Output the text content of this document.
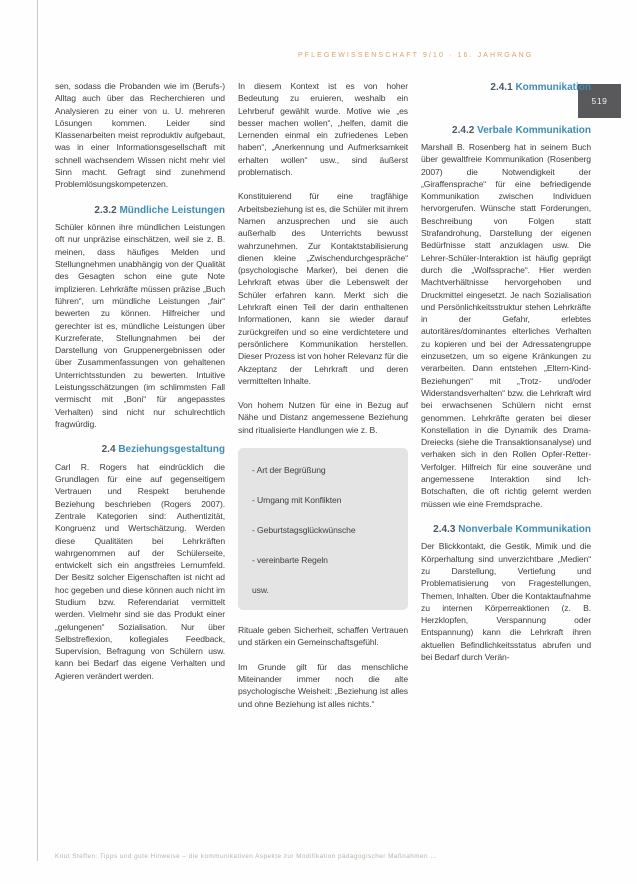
PFLEGEWISSENSCHAFT 9/10 · 16. JAHRGANG
519

sen, sodass die Probanden wie im (Berufs-) Alltag auch über das Recherchieren und Analysieren zu einer von u. U. mehreren Lösungen kommen. Leider sind Klassenarbeiten meist reproduktiv aufgebaut, was in einer Informationsgesellschaft mit schnell wachsendem Wissen nicht mehr viel Sinn macht. Gefragt sind zunehmend Problemlösungskompetenzen.

2.3.2 Mündliche Leistungen

Schüler können ihre mündlichen Leistungen oft nur unpräzise einschätzen, weil sie z. B. meinen, dass häufiges Melden und Stellungnehmen unabhängig von der Qualität des Gesagten schon eine gute Note implizieren. Lehrkräfte müssen präzise „Buch führen“, um mündliche Leistungen „fair“ bewerten zu können. Hilfreicher und gerechter ist es, mündliche Leistungen über Kurzreferate, Stellungnahmen bei der Darstellung von Gruppenergebnissen oder über Zusammenfassungen von gehaltenen Unterrichtsstunden zu bewerten. Intuitive Leistungsschätzungen (im schlimmsten Fall vermischt mit „Boni“ für angepasstes Verhalten) sind nicht nur schulrechtlich fragwürdig.

2.4 Beziehungsgestaltung

Carl R. Rogers hat eindrücklich die Grundlagen für eine auf gegenseitigem Vertrauen und Respekt beruhende Beziehung beschrieben (Rogers 2007). Zentrale Kategorien sind: Authentizität, Kongruenz und Wertschätzung. Werden diese Qualitäten bei Lehrkräften wahrgenommen auf der Schülerseite, entwickelt sich ein angstfreies Lernumfeld. Der Besitz solcher Eigenschaften ist nicht ad hoc gegeben und diese können auch nicht im Studium bzw. Referendariat vermittelt werden. Vielmehr sind sie das Produkt einer „gelungenen“ Sozialisation. Nur über Selbstreflexion, kollegiales Feedback, Supervision, Befragung von Schülern usw. kann bei Bedarf das eigene Verhalten und Agieren verändert werden.

In diesem Kontext ist es von hoher Bedeutung zu eruieren, weshalb ein Lehrberuf gewählt wurde. Motive wie „es besser machen wollen“, „helfen, damit die Lernenden einmal ein zufriedenes Leben haben“, „Anerkennung und Aufmerksamkeit erhalten wollen“ usw., sind äußerst problematisch.

Konstituierend für eine tragfähige Arbeitsbeziehung ist es, die Schüler mit ihrem Namen anzusprechen und sie auch außerhalb des Unterrichts bewusst wahrzunehmen. Zur Kontaktstabilisierung dienen kleine „Zwischendurchgespräche“ (psychologische Marker), bei denen die Lehrkraft etwas über die Lebenswelt der Schüler erfahren kann. Merkt sich die Lehrkraft einen Teil der darin enthaltenen Informationen, kann sie wieder darauf zurückgreifen und so eine verdichtetere und persönlichere Kommunikation herstellen. Dieser Prozess ist von hoher Relevanz für die Akzeptanz der Lehrkraft und deren vermittelten Inhalte.

Von hohem Nutzen für eine in Bezug auf Nähe und Distanz angemessene Beziehung sind ritualisierte Handlungen wie z. B.

- Art der Begrüßung
- Umgang mit Konflikten
- Geburtstagsglückwünsche
- vereinbarte Regeln
usw.

Rituale geben Sicherheit, schaffen Vertrauen und stärken ein Gemeinschaftsgefühl.

Im Grunde gilt für das menschliche Miteinander immer noch die alte psychologische Weisheit: „Beziehung ist alles und ohne Beziehung ist alles nichts.“

2.4.1 Kommunikation
2.4.2 Verbale Kommunikation

Marshall B. Rosenberg hat in seinem Buch über gewaltfreie Kommunikation (Rosenberg 2007) die Notwendigkeit der „Giraffensprache“ für eine befriedigende Kommunikation zwischen Individuen hervorgerufen. Wünsche statt Forderungen, Beschreibung von Folgen statt Strafandrohung, Darstellung der eigenen Bedürfnisse statt anzuklagen usw. Die Lehrer-Schüler-Interaktion ist häufig geprägt durch die „Wolfssprache“. Hier werden Machtverhältnisse hervorgehoben und Druckmittel eingesetzt. Je nach Sozialisation und Persönlichkeitsstruktur stehen Lehrkräfte in der Gefahr, erlebtes autoritäres/dominantes elterliches Verhalten zu kopieren und bei der Adressatengruppe einzusetzen, um so eigene Kränkungen zu verarbeiten. Dann entstehen „Eltern-Kind-Beziehungen“ mit „Trotz- und/oder Widerstandsverhalten“ bzw. die Lehrkraft wird bei erwachsenen Schülern nicht ernst genommen. Lehrkräfte geraten bei dieser Konstellation in die Dynamik des Drama-Dreiecks (siehe die Transaktionsanalyse) und verhaken sich in den Rollen Opfer-Retter-Verfolger. Hilfreich für eine souveräne und angemessene Interaktion sind Ich-Botschaften, die oft richtig gelernt werden müssen wie eine Fremdsprache.

2.4.3 Nonverbale Kommunikation

Der Blickkontakt, die Gestik, Mimik und die Körperhaltung sind unverzichtbare „Medien“ zu Darstellung, Vertiefung und Problematisierung von Fragestellungen, Themen, Inhalten. Über die Kontaktaufnahme zu internen Körperreaktionen (z. B. Herzklopfen, Verspannung oder Entspannung) kann die Lehrkraft ihren aktuellen Befindlichkeitsstatus abrufen und bei Bedarf durch Verän-

Knut Steffen: Tipps und gute Hinweise – die kommunikativen Aspekte zur Modifikation pädagogischer Maßnahmen …
